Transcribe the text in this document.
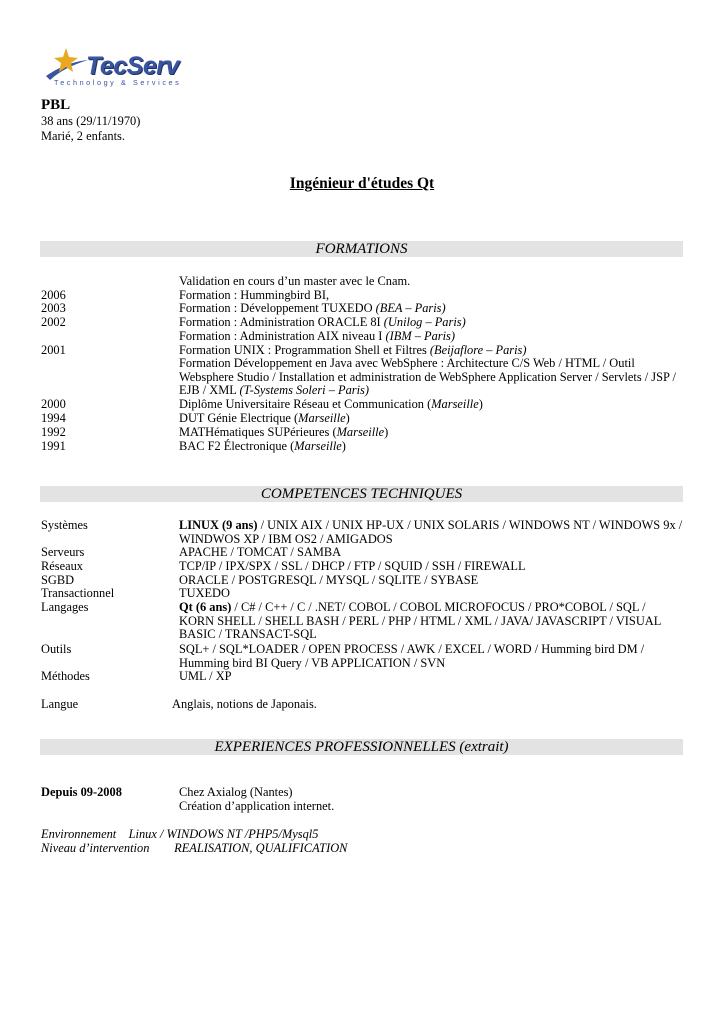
TecServ
Technology & Services
PBL
38 ans (29/11/1970)
Marié, 2 enfants.
Ingénieur d'études Qt
FORMATIONS
Validation en cours d’un master avec le Cnam.
2006	Formation : Hummingbird BI,
2003	Formation : Développement TUXEDO (BEA – Paris)
2002	Formation : Administration ORACLE 8I (Unilog – Paris)
Formation : Administration AIX niveau I (IBM – Paris)
2001	Formation UNIX : Programmation Shell et Filtres (Beijaflore – Paris)
Formation Développement en Java avec WebSphere : Architecture C/S Web / HTML / Outil Websphere Studio / Installation et administration de WebSphere Application Server / Servlets / JSP / EJB / XML (T-Systems Soleri – Paris)
2000	Diplôme Universitaire Réseau et Communication (Marseille)
1994	DUT Génie Electrique (Marseille)
1992	MATHématiques SUPérieures (Marseille)
1991	BAC F2 Électronique (Marseille)
COMPETENCES TECHNIQUES
Systèmes	LINUX (9 ans) / UNIX AIX / UNIX HP-UX / UNIX SOLARIS / WINDOWS NT / WINDOWS 9x / WINDWOS XP / IBM OS2 / AMIGADOS
Serveurs	APACHE / TOMCAT / SAMBA
Réseaux	TCP/IP / IPX/SPX / SSL / DHCP / FTP / SQUID / SSH / FIREWALL
SGBD	ORACLE / POSTGRESQL / MYSQL / SQLITE / SYBASE
Transactionnel	TUXEDO
Langages	Qt (6 ans) / C# / C++ / C / .NET/ COBOL / COBOL MICROFOCUS / PRO*COBOL / SQL / KORN SHELL / SHELL BASH / PERL / PHP / HTML / XML / JAVA/ JAVASCRIPT / VISUAL BASIC / TRANSACT-SQL
Outils	SQL+ / SQL*LOADER / OPEN PROCESS / AWK / EXCEL / WORD / Humming bird DM / Humming bird BI Query / VB APPLICATION / SVN
Méthodes	UML / XP
Langue	Anglais, notions de Japonais.
EXPERIENCES PROFESSIONNELLES (extrait)
Depuis 09-2008	Chez Axialog (Nantes)
Création d’application internet.
Environnement Linux / WINDOWS NT /PHP5/Mysql5
Niveau d’intervention REALISATION, QUALIFICATION
